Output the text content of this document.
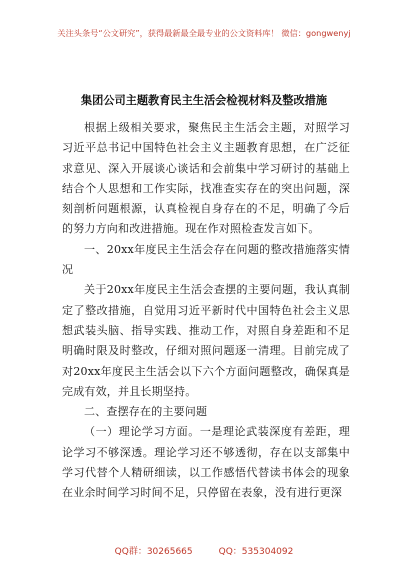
关注头条号“公文研究”，获得最新最全最专业的公文资料库！ 微信：gongwenyj
集团公司主题教育民主生活会检视材料及整改措施

根据上级相关要求，聚焦民主生活会主题，对照学习习近平总书记中国特色社会主义主题教育思想，在广泛征求意见、深入开展谈心谈话和会前集中学习研讨的基础上结合个人思想和工作实际，找准查实存在的突出问题，深刻剖析问题根源，认真检视自身存在的不足，明确了今后的努力方向和改进措施。现在作对照检查发言如下。

一、20xx年度民主生活会存在问题的整改措施落实情况

关于20xx年度民主生活会查摆的主要问题，我认真制定了整改措施，自觉用习近平新时代中国特色社会主义思想武装头脑、指导实践、推动工作，对照自身差距和不足明确时限及时整改，仔细对照问题逐一清理。目前完成了对20xx年度民主生活会以下六个方面问题整改，确保真是完成有效，并且长期坚持。

二、查摆存在的主要问题

（一）理论学习方面。一是理论武装深度有差距，理论学习不够深透。理论学习还不够透彻，存在以支部集中学习代替个人精研细读，以工作感悟代替读书体会的现象在业余时间学习时间不足，只停留在表象，没有进行更深

QQ群：30265665	QQ：535304092
